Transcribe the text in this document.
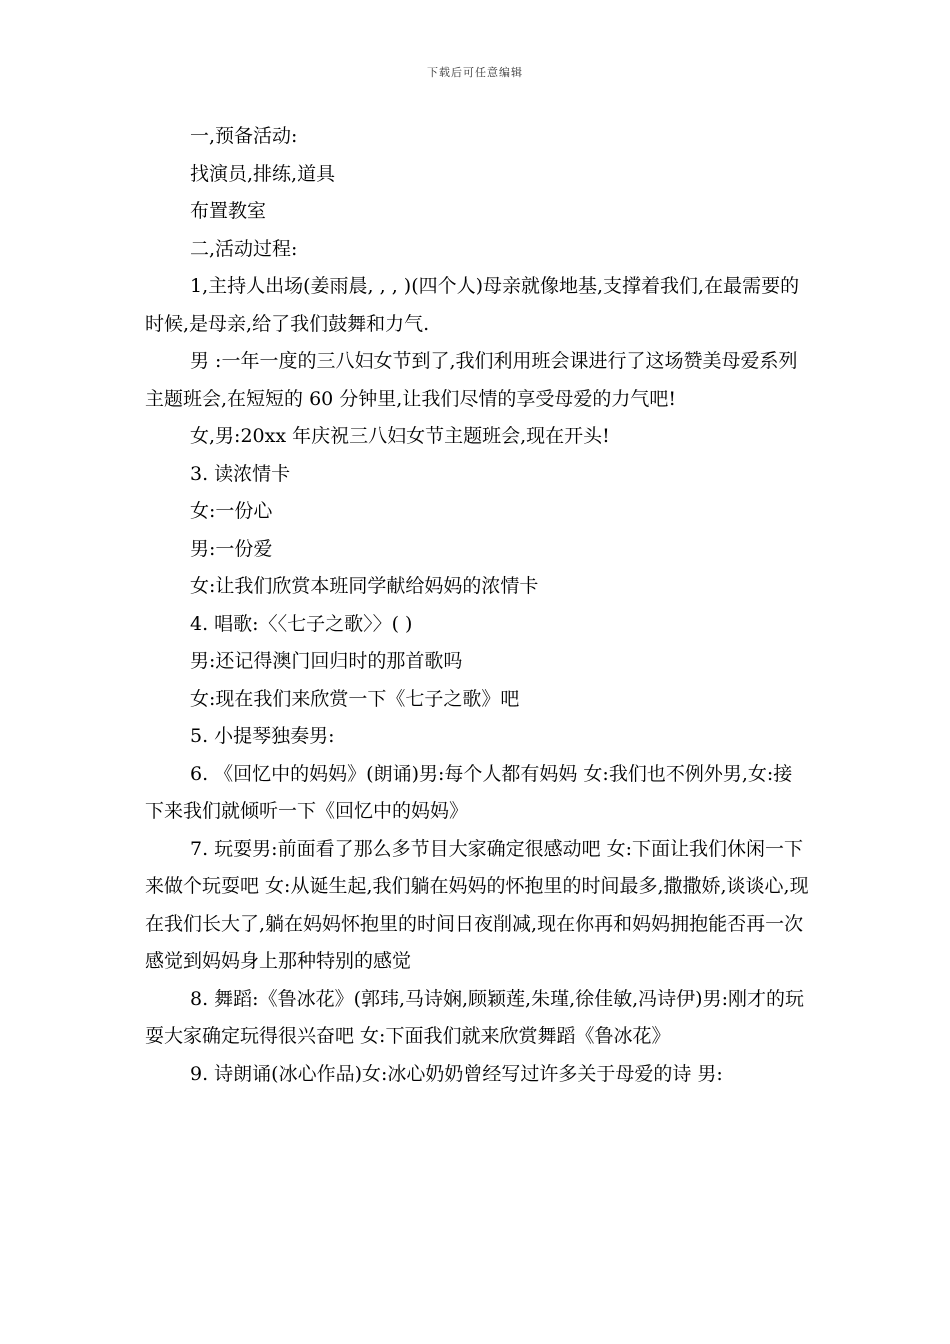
下载后可任意编辑

一,预备活动:

找演员,排练,道具

布置教室

二,活动过程:

1,主持人出场(姜雨晨, , , )(四个人)母亲就像地基,支撑着我们,在最需要的时候,是母亲,给了我们鼓舞和力气.

男 :一年一度的三八妇女节到了,我们利用班会课进行了这场赞美母爱系列主题班会,在短短的 60 分钟里,让我们尽情的享受母爱的力气吧!

女,男:20xx 年庆祝三八妇女节主题班会,现在开头!

3. 读浓情卡

女:一份心

男:一份爱

女:让我们欣赏本班同学献给妈妈的浓情卡

4. 唱歌:〈〈七子之歌〉〉( )

男:还记得澳门回归时的那首歌吗

女:现在我们来欣赏一下《七子之歌》吧

5. 小提琴独奏男:

6. 《回忆中的妈妈》(朗诵)男:每个人都有妈妈 女:我们也不例外男,女:接下来我们就倾听一下《回忆中的妈妈》

7. 玩耍男:前面看了那么多节目大家确定很感动吧 女:下面让我们休闲一下来做个玩耍吧 女:从诞生起,我们躺在妈妈的怀抱里的时间最多,撒撒娇,谈谈心,现在我们长大了,躺在妈妈怀抱里的时间日夜削减,现在你再和妈妈拥抱能否再一次感觉到妈妈身上那种特别的感觉

8. 舞蹈:《鲁冰花》(郭玮,马诗娴,顾颖莲,朱瑾,徐佳敏,冯诗伊)男:刚才的玩耍大家确定玩得很兴奋吧 女:下面我们就来欣赏舞蹈《鲁冰花》

9. 诗朗诵(冰心作品)女:冰心奶奶曾经写过许多关于母爱的诗 男:
